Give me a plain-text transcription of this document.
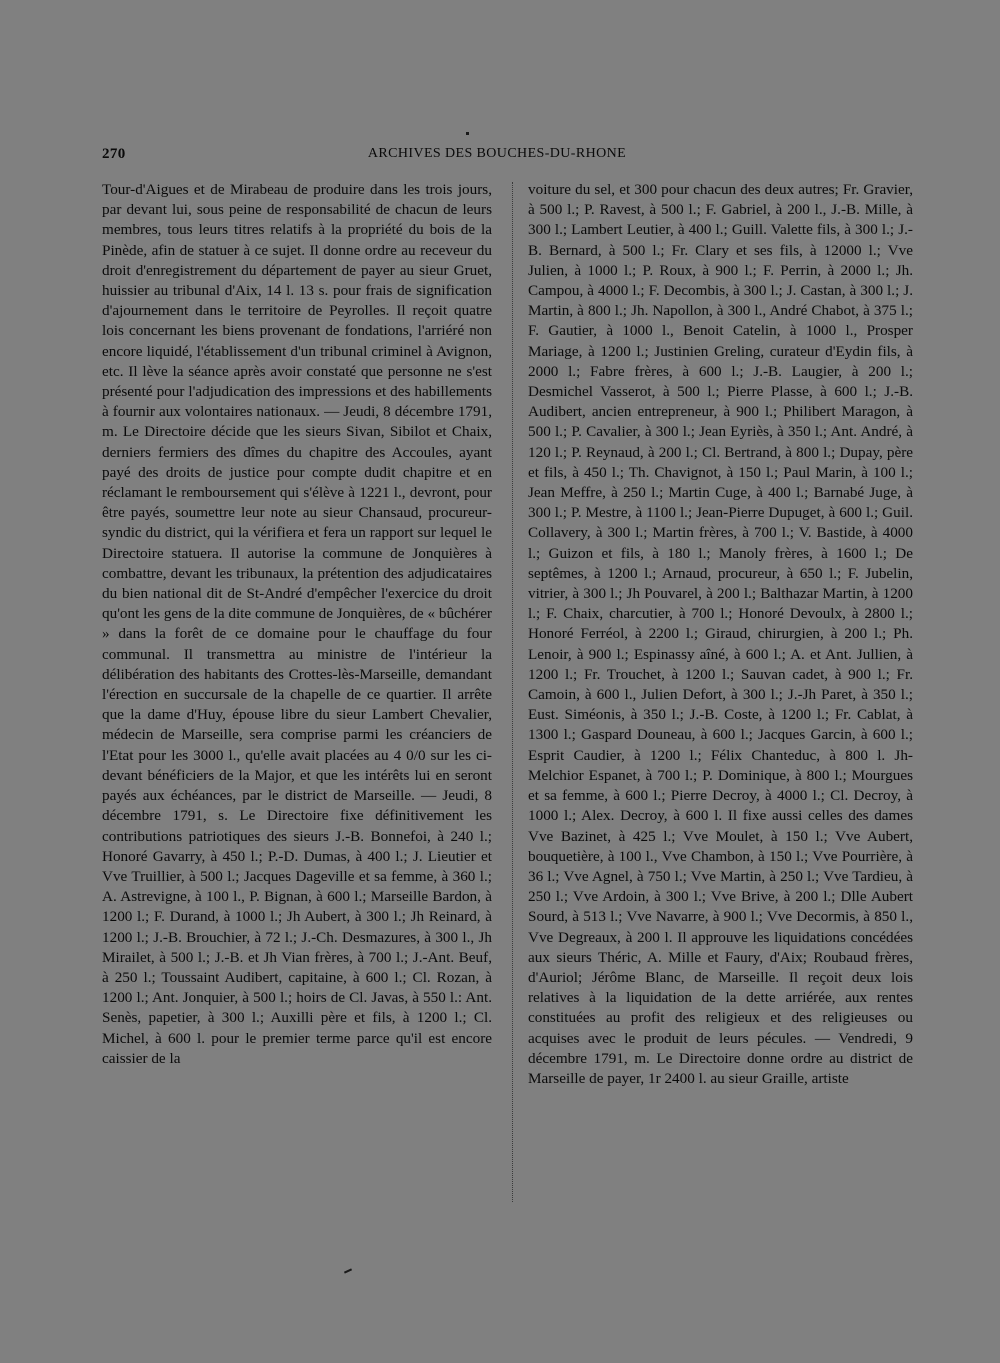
270	ARCHIVES DES BOUCHES-DU-RHONE
Tour-d'Aigues et de Mirabeau de produire dans les trois jours, par devant lui, sous peine de responsabilité de chacun de leurs membres, tous leurs titres relatifs à la propriété du bois de la Pinède, afin de statuer à ce sujet. Il donne ordre au receveur du droit d'enregistrement du département de payer au sieur Gruet, huissier au tribunal d'Aix, 14 l. 13 s. pour frais de signification d'ajournement dans le territoire de Peyrolles. Il reçoit quatre lois concernant les biens provenant de fondations, l'arriéré non encore liquidé, l'établissement d'un tribunal criminel à Avignon, etc. Il lève la séance après avoir constaté que personne ne s'est présenté pour l'adjudication des impressions et des habillements à fournir aux volontaires nationaux. — Jeudi, 8 décembre 1791, m. Le Directoire décide que les sieurs Sivan, Sibilot et Chaix, derniers fermiers des dîmes du chapitre des Accoules, ayant payé des droits de justice pour compte dudit chapitre et en réclamant le remboursement qui s'élève à 1221 l., devront, pour être payés, soumettre leur note au sieur Chansaud, procureur-syndic du district, qui la vérifiera et fera un rapport sur lequel le Directoire statuera. Il autorise la commune de Jonquières à combattre, devant les tribunaux, la prétention des adjudicataires du bien national dit de St-André d'empêcher l'exercice du droit qu'ont les gens de la dite commune de Jonquières, de « bûchérer » dans la forêt de ce domaine pour le chauffage du four communal. Il transmettra au ministre de l'intérieur la délibération des habitants des Crottes-lès-Marseille, demandant l'érection en succursale de la chapelle de ce quartier. Il arrête que la dame d'Huy, épouse libre du sieur Lambert Chevalier, médecin de Marseille, sera comprise parmi les créanciers de l'Etat pour les 3000 l., qu'elle avait placées au 4 0/0 sur les ci-devant bénéficiers de la Major, et que les intérêts lui en seront payés aux échéances, par le district de Marseille. — Jeudi, 8 décembre 1791, s. Le Directoire fixe définitivement les contributions patriotiques des sieurs J.-B. Bonnefoi, à 240 l.; Honoré Gavarry, à 450 l.; P.-D. Dumas, à 400 l.; J. Lieutier et Vve Truillier, à 500 l.; Jacques Dageville et sa femme, à 360 l.; A. Astrevigne, à 100 l., P. Bignan, à 600 l.; Marseille Bardon, à 1200 l.; F. Durand, à 1000 l.; Jh Aubert, à 300 l.; Jh Reinard, à 1200 l.; J.-B. Brouchier, à 72 l.; J.-Ch. Desmazures, à 300 l., Jh Mirailet, à 500 l.; J.-B. et Jh Vian frères, à 700 l.; J.-Ant. Beuf, à 250 l.; Toussaint Audibert, capitaine, à 600 l.; Cl. Rozan, à 1200 l.; Ant. Jonquier, à 500 l.; hoirs de Cl. Javas, à 550 l.: Ant. Senès, papetier, à 300 l.; Auxilli père et fils, à 1200 l.; Cl. Michel, à 600 l. pour le premier terme parce qu'il est encore caissier de la
voiture du sel, et 300 pour chacun des deux autres; Fr. Gravier, à 500 l.; P. Ravest, à 500 l.; F. Gabriel, à 200 l., J.-B. Mille, à 300 l.; Lambert Leutier, à 400 l.; Guill. Valette fils, à 300 l.; J.-B. Bernard, à 500 l.; Fr. Clary et ses fils, à 12000 l.; Vve Julien, à 1000 l.; P. Roux, à 900 l.; F. Perrin, à 2000 l.; Jh. Campou, à 4000 l.; F. Decombis, à 300 l.; J. Castan, à 300 l.; J. Martin, à 800 l.; Jh. Napollon, à 300 l., André Chabot, à 375 l.; F. Gautier, à 1000 l., Benoit Catelin, à 1000 l., Prosper Mariage, à 1200 l.; Justinien Greling, curateur d'Eydin fils, à 2000 l.; Fabre frères, à 600 l.; J.-B. Laugier, à 200 l.; Desmichel Vasserot, à 500 l.; Pierre Plasse, à 600 l.; J.-B. Audibert, ancien entrepreneur, à 900 l.; Philibert Maragon, à 500 l.; P. Cavalier, à 300 l.; Jean Eyriès, à 350 l.; Ant. André, à 120 l.; P. Reynaud, à 200 l.; Cl. Bertrand, à 800 l.; Dupay, père et fils, à 450 l.; Th. Chavignot, à 150 l.; Paul Marin, à 100 l.; Jean Meffre, à 250 l.; Martin Cuge, à 400 l.; Barnabé Juge, à 300 l.; P. Mestre, à 1100 l.; Jean-Pierre Dupuget, à 600 l.; Guil. Collavery, à 300 l.; Martin frères, à 700 l.; V. Bastide, à 4000 l.; Guizon et fils, à 180 l.; Manoly frères, à 1600 l.; De septêmes, à 1200 l.; Arnaud, procureur, à 650 l.; F. Jubelin, vitrier, à 300 l.; Jh Pouvarel, à 200 l.; Balthazar Martin, à 1200 l.; F. Chaix, charcutier, à 700 l.; Honoré Devoulx, à 2800 l.; Honoré Ferréol, à 2200 l.; Giraud, chirurgien, à 200 l.; Ph. Lenoir, à 900 l.; Espinassy aîné, à 600 l.; A. et Ant. Jullien, à 1200 l.; Fr. Trouchet, à 1200 l.; Sauvan cadet, à 900 l.; Fr. Camoin, à 600 l., Julien Defort, à 300 l.; J.-Jh Paret, à 350 l.; Eust. Siméonis, à 350 l.; J.-B. Coste, à 1200 l.; Fr. Cablat, à 1300 l.; Gaspard Douneau, à 600 l.; Jacques Garcin, à 600 l.; Esprit Caudier, à 1200 l.; Félix Chanteduc, à 800 l. Jh-Melchior Espanet, à 700 l.; P. Dominique, à 800 l.; Mourgues et sa femme, à 600 l.; Pierre Decroy, à 4000 l.; Cl. Decroy, à 1000 l.; Alex. Decroy, à 600 l. Il fixe aussi celles des dames Vve Bazinet, à 425 l.; Vve Moulet, à 150 l.; Vve Aubert, bouquetière, à 100 l., Vve Chambon, à 150 l.; Vve Pourrière, à 36 l.; Vve Agnel, à 750 l.; Vve Martin, à 250 l.; Vve Tardieu, à 250 l.; Vve Ardoin, à 300 l.; Vve Brive, à 200 l.; Dlle Aubert Sourd, à 513 l.; Vve Navarre, à 900 l.; Vve Decormis, à 850 l., Vve Degreaux, à 200 l. Il approuve les liquidations concédées aux sieurs Théric, A. Mille et Faury, d'Aix; Roubaud frères, d'Auriol; Jérôme Blanc, de Marseille. Il reçoit deux lois relatives à la liquidation de la dette arriérée, aux rentes constituées au profit des religieux et des religieuses ou acquises avec le produit de leurs pécules. — Vendredi, 9 décembre 1791, m. Le Directoire donne ordre au district de Marseille de payer, 1r 2400 l. au sieur Graille, artiste
